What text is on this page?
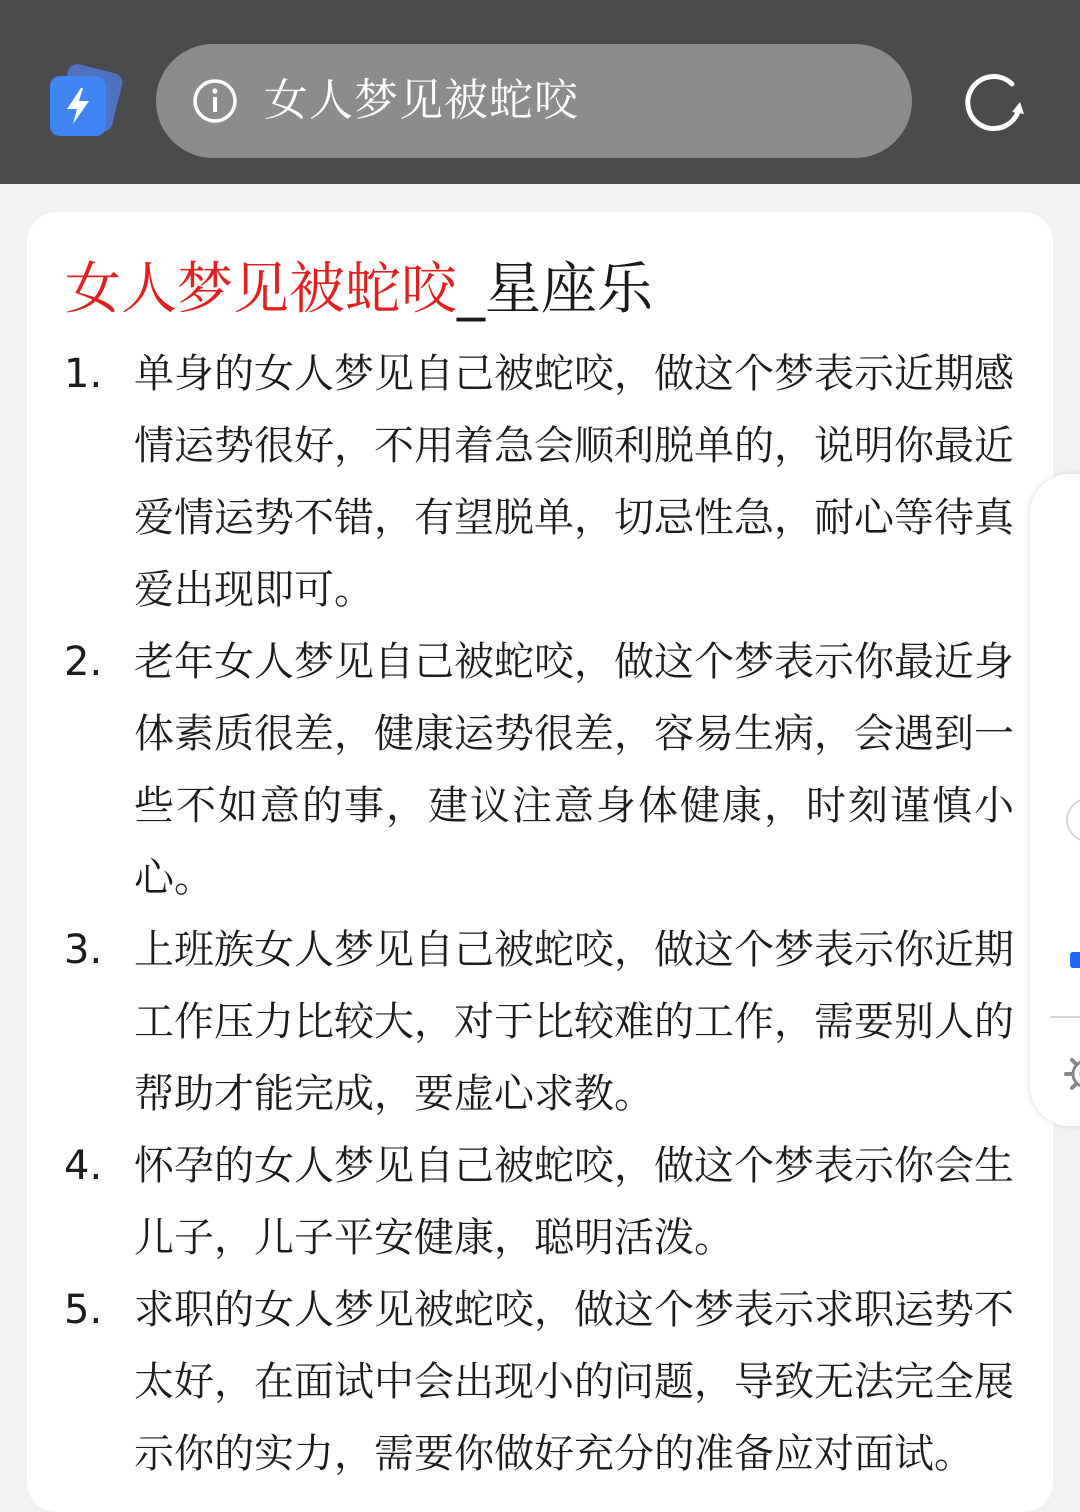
女人梦见被蛇咬
女人梦见被蛇咬_星座乐
1. 单身的女人梦见自己被蛇咬，做这个梦表示近期感情运势很好，不用着急会顺利脱单的，说明你最近爱情运势不错，有望脱单，切忌性急，耐心等待真爱出现即可。
2. 老年女人梦见自己被蛇咬，做这个梦表示你最近身体素质很差，健康运势很差，容易生病，会遇到一些不如意的事，建议注意身体健康，时刻谨慎小心。
3. 上班族女人梦见自己被蛇咬，做这个梦表示你近期工作压力比较大，对于比较难的工作，需要别人的帮助才能完成，要虚心求教。
4. 怀孕的女人梦见自己被蛇咬，做这个梦表示你会生儿子，儿子平安健康，聪明活泼。
5. 求职的女人梦见被蛇咬，做这个梦表示求职运势不太好，在面试中会出现小的问题，导致无法完全展示你的实力，需要你做好充分的准备应对面试。
